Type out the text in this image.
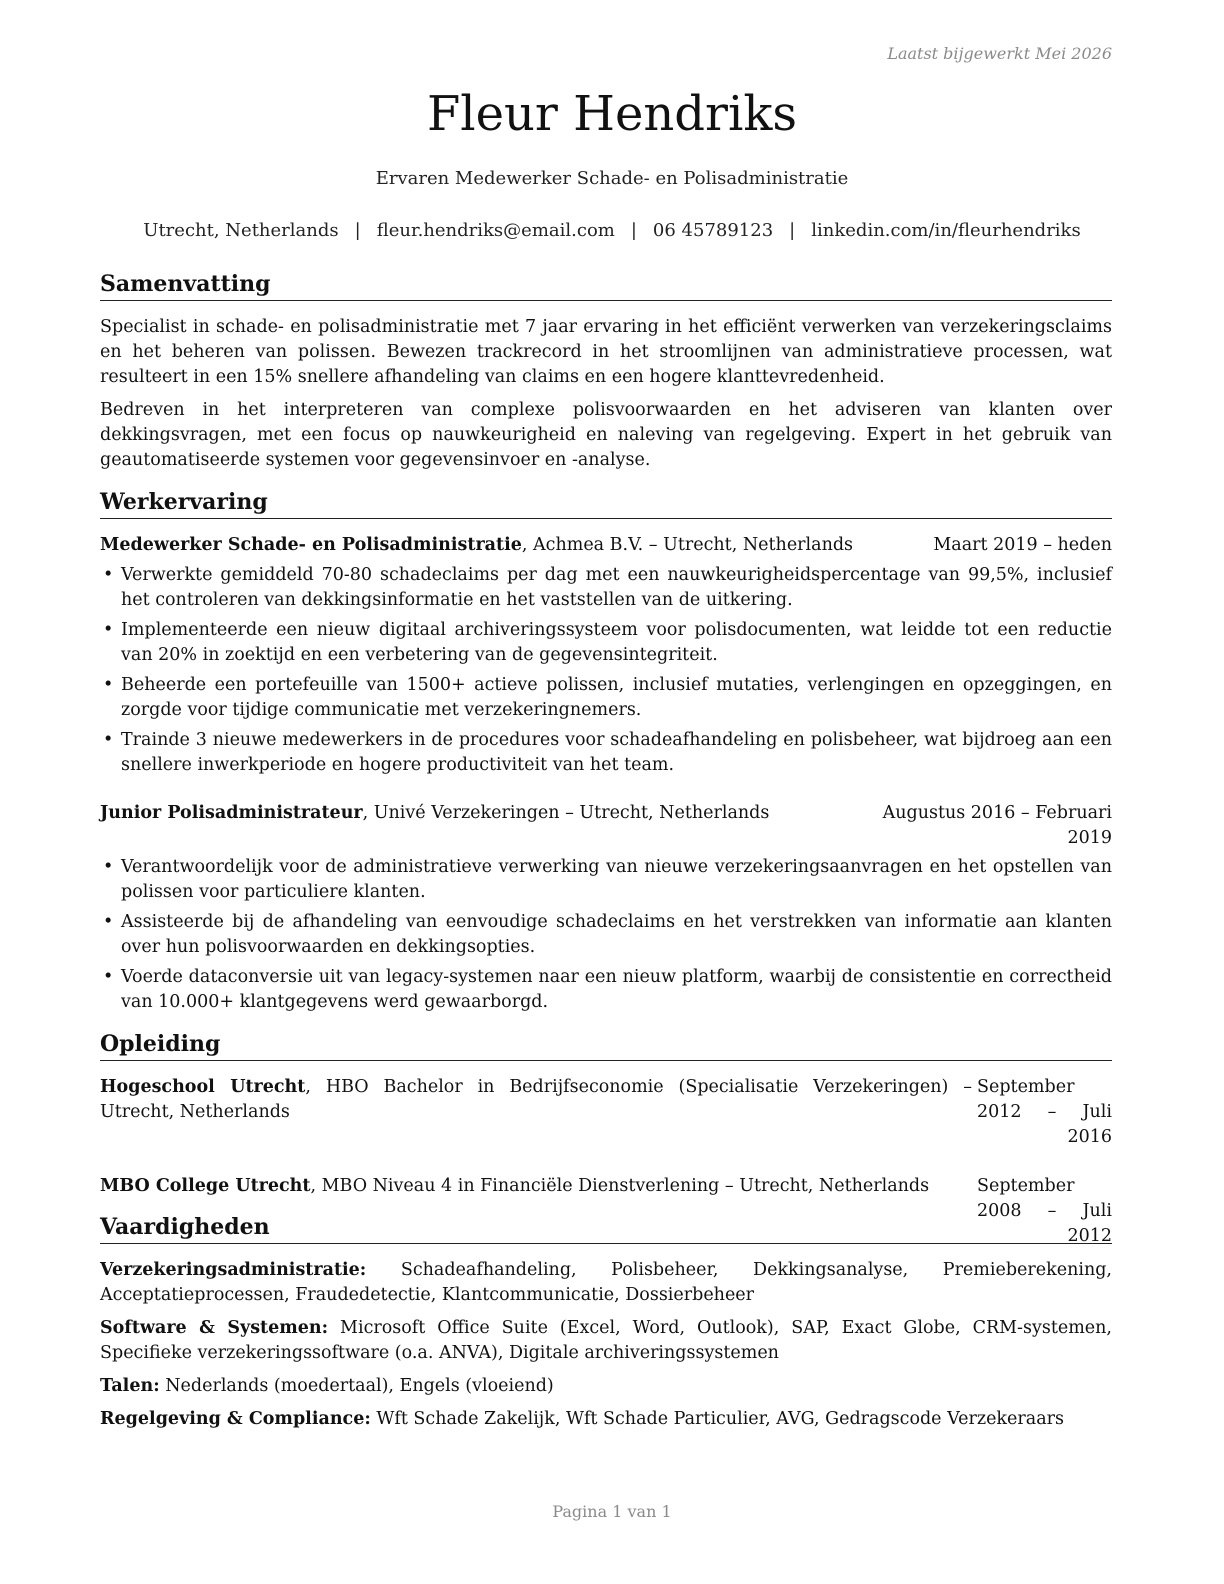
Laatst bijgewerkt Mei 2026
Fleur Hendriks
Ervaren Medewerker Schade- en Polisadministratie
Utrecht, Netherlands | fleur.hendriks@email.com | 06 45789123 | linkedin.com/in/fleurhendriks
Samenvatting

Specialist in schade- en polisadministratie met 7 jaar ervaring in het efficiënt verwerken van verzekeringsclaims en het beheren van polissen. Bewezen trackrecord in het stroomlijnen van administratieve processen, wat resulteert in een 15% snellere afhandeling van claims en een hogere klanttevredenheid.

Bedreven in het interpreteren van complexe polisvoorwaarden en het adviseren van klanten over dekkingsvragen, met een focus op nauwkeurigheid en naleving van regelgeving. Expert in het gebruik van geautomatiseerde systemen voor gegevensinvoer en -analyse.

Werkervaring
Medewerker Schade- en Polisadministratie, Achmea B.V. – Utrecht, Netherlands	Maart 2019 – heden
• Verwerkte gemiddeld 70-80 schadeclaims per dag met een nauwkeurigheidspercentage van 99,5%, inclusief het controleren van dekkingsinformatie en het vaststellen van de uitkering.
• Implementeerde een nieuw digitaal archiveringssysteem voor polisdocumenten, wat leidde tot een reductie van 20% in zoektijd en een verbetering van de gegevensintegriteit.
• Beheerde een portefeuille van 1500+ actieve polissen, inclusief mutaties, verlengingen en opzeggingen, en zorgde voor tijdige communicatie met verzekeringnemers.
• Trainde 3 nieuwe medewerkers in de procedures voor schadeafhandeling en polisbeheer, wat bijdroeg aan een snellere inwerkperiode en hogere productiviteit van het team.
Junior Polisadministrateur, Univé Verzekeringen – Utrecht, Netherlands	Augustus 2016 – Februari 2019
• Verantwoordelijk voor de administratieve verwerking van nieuwe verzekeringsaanvragen en het opstellen van polissen voor particuliere klanten.
• Assisteerde bij de afhandeling van eenvoudige schadeclaims en het verstrekken van informatie aan klanten over hun polisvoorwaarden en dekkingsopties.
• Voerde dataconversie uit van legacy-systemen naar een nieuw platform, waarbij de consistentie en correctheid van 10.000+ klantgegevens werd gewaarborgd.
Opleiding
Hogeschool Utrecht, HBO Bachelor in Bedrijfseconomie (Specialisatie Verzekeringen) – Utrecht, Netherlands
September 2012 – Juli 2016
MBO College Utrecht, MBO Niveau 4 in Financiële Dienstverlening – Utrecht, Netherlands	September 2008 – Juli 2012
Vaardigheden

Verzekeringsadministratie: Schadeafhandeling, Polisbeheer, Dekkingsanalyse, Premieberekening, Acceptatieprocessen, Fraudedetectie, Klantcommunicatie, Dossierbeheer

Software & Systemen: Microsoft Office Suite (Excel, Word, Outlook), SAP, Exact Globe, CRM-systemen, Specifieke verzekeringssoftware (o.a. ANVA), Digitale archiveringssystemen

Talen: Nederlands (moedertaal), Engels (vloeiend)

Regelgeving & Compliance: Wft Schade Zakelijk, Wft Schade Particulier, AVG, Gedragscode Verzekeraars

Pagina 1 van 1
